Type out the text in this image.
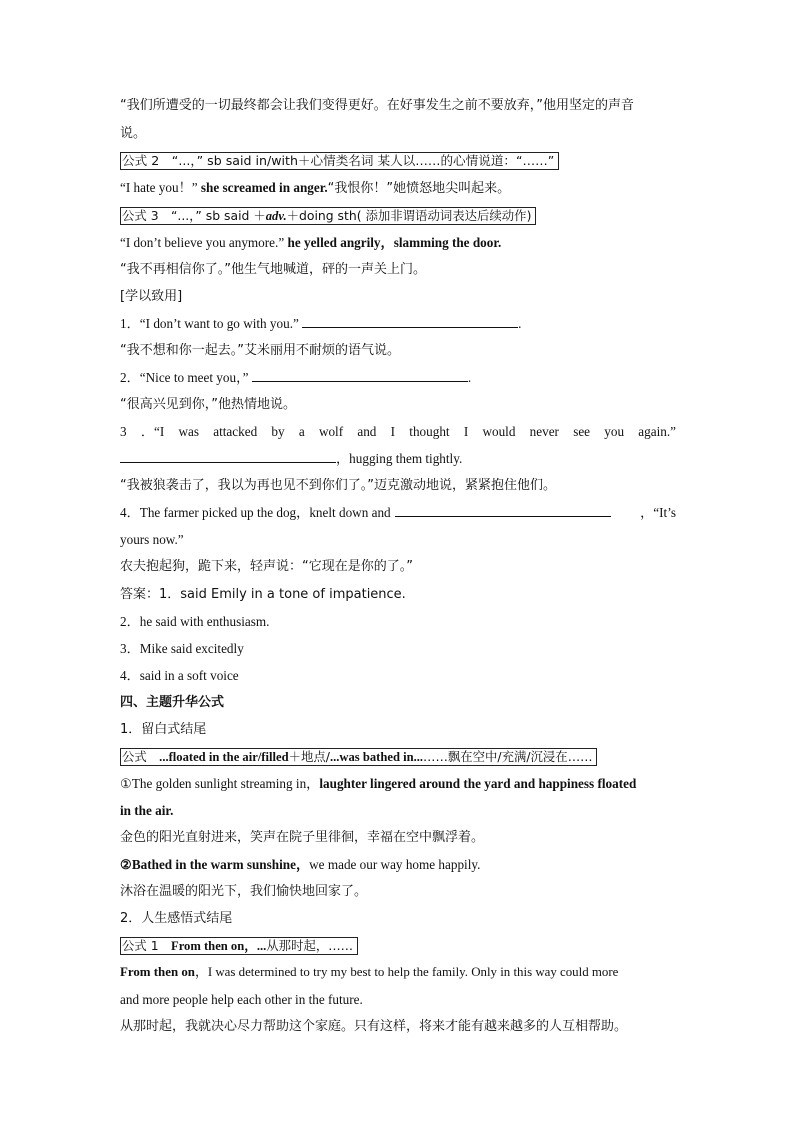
“我们所遭受的一切最终都会让我们变得更好。在好事发生之前不要放弃，”他用坚定的声音
说。
公式 2　“...，” sb said in/with＋心情类名词 某人以……的心情说道：“……”
“I hate you！” she screamed in anger.“我恨你！”她愤怒地尖叫起来。
公式 3　“...，” sb said ＋adv.＋doing sth( 添加非谓语动词表达后续动作)
“I don’t believe you anymore.” he yelled angrily，slamming the door.
“我不再相信你了。”他生气地喊道，砰的一声关上门。
[学以致用]
1．“I don’t want to go with you.”	.
“我不想和你一起去。”艾米丽用不耐烦的语气说。
2．“Nice to meet you，”	.
“很高兴见到你，”他热情地说。
3 ．“I was attacked by a wolf and I thought I would never see you again.”
，hugging them tightly.
“我被狼袭击了，我以为再也见不到你们了。”迈克激动地说，紧紧抱住他们。
4．The farmer picked up the dog，knelt down and	，“It’s
yours now.”
农夫抱起狗，跪下来，轻声说：“它现在是你的了。”
答案：1．said Emily in a tone of impatience.
2．he said with enthusiasm.
3．Mike said excitedly
4．said in a soft voice
四、主题升华公式
1．留白式结尾
公式　...floated in the air/filled＋地点/...was bathed in...……飘在空中/充满/沉浸在……
①The golden sunlight streaming in，laughter lingered around the yard and happiness floated
in the air.
金色的阳光直射进来，笑声在院子里徘徊，幸福在空中飘浮着。
②Bathed in the warm sunshine，we made our way home happily.
沐浴在温暖的阳光下，我们愉快地回家了。
2．人生感悟式结尾
公式 1　From then on，...从那时起，……
From then on，I was determined to try my best to help the family. Only in this way could more
and more people help each other in the future.
从那时起，我就决心尽力帮助这个家庭。只有这样，将来才能有越来越多的人互相帮助。
